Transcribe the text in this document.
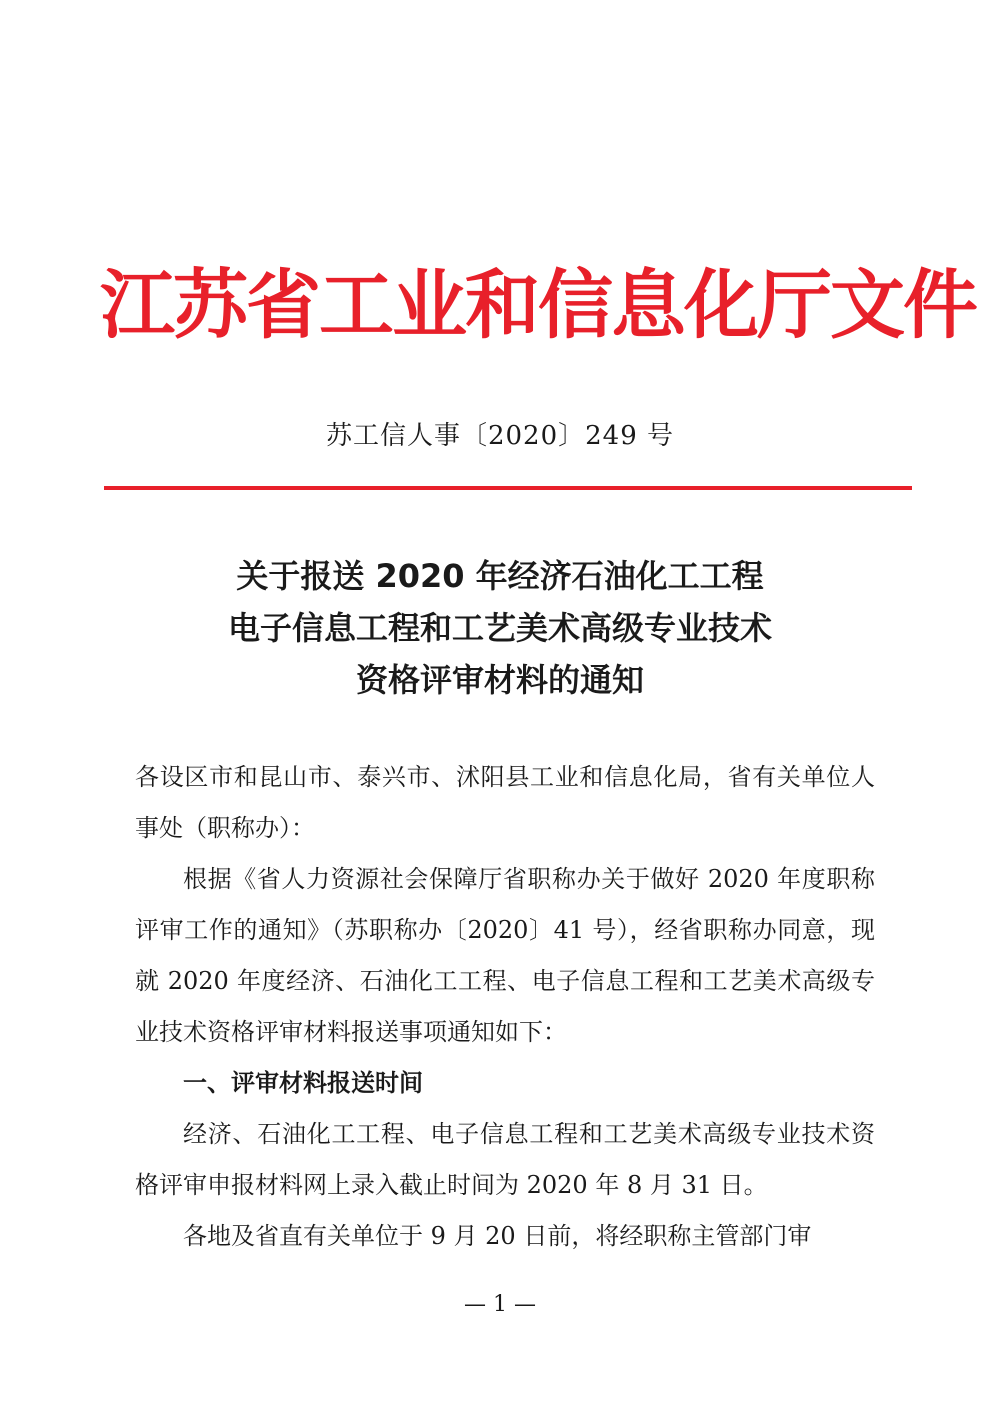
江苏省工业和信息化厅文件
苏工信人事〔2020〕249 号
关于报送 2020 年经济石油化工工程
电子信息工程和工艺美术高级专业技术
资格评审材料的通知

各设区市和昆山市、泰兴市、沭阳县工业和信息化局，省有关单位人事处（职称办）：

根据《省人力资源社会保障厅省职称办关于做好 2020 年度职称评审工作的通知》（苏职称办〔2020〕41 号），经省职称办同意，现就 2020 年度经济、石油化工工程、电子信息工程和工艺美术高级专业技术资格评审材料报送事项通知如下：

一、评审材料报送时间

经济、石油化工工程、电子信息工程和工艺美术高级专业技术资格评审申报材料网上录入截止时间为 2020 年 8 月 31 日。

各地及省直有关单位于 9 月 20 日前，将经职称主管部门审

— 1 —
